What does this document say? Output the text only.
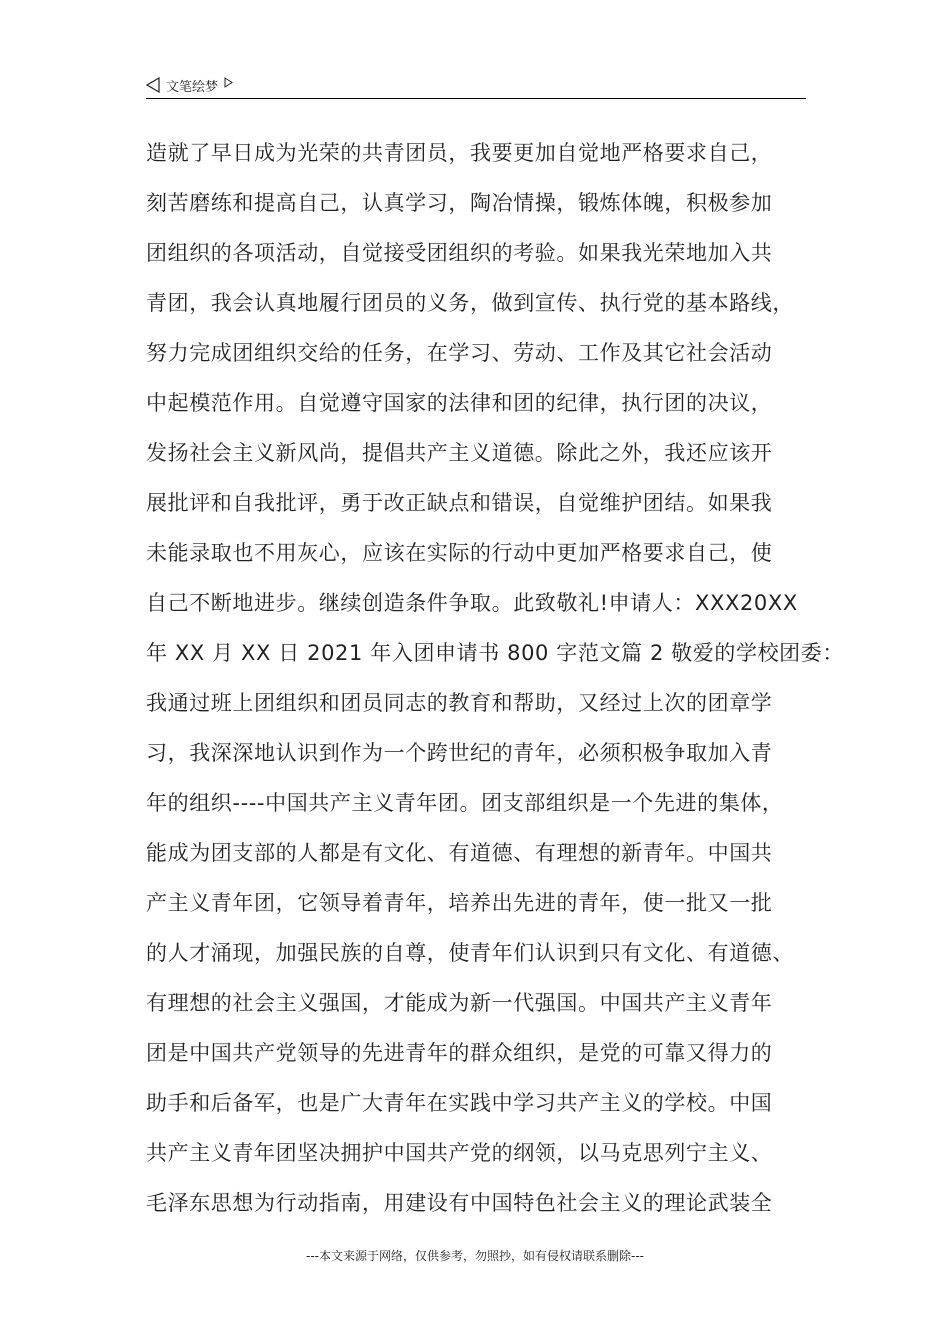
文笔绘梦
造就了早日成为光荣的共青团员，我要更加自觉地严格要求自己，
刻苦磨练和提高自己，认真学习，陶冶情操，锻炼体魄，积极参加
团组织的各项活动，自觉接受团组织的考验。如果我光荣地加入共
青团，我会认真地履行团员的义务，做到宣传、执行党的基本路线，
努力完成团组织交给的任务，在学习、劳动、工作及其它社会活动
中起模范作用。自觉遵守国家的法律和团的纪律，执行团的决议，
发扬社会主义新风尚，提倡共产主义道德。除此之外，我还应该开
展批评和自我批评，勇于改正缺点和错误，自觉维护团结。如果我
未能录取也不用灰心，应该在实际的行动中更加严格要求自己，使
自己不断地进步。继续创造条件争取。此致敬礼!申请人：XXX20XX
年 XX 月 XX 日 2021 年入团申请书 800 字范文篇 2 敬爱的学校团委：
我通过班上团组织和团员同志的教育和帮助，又经过上次的团章学
习，我深深地认识到作为一个跨世纪的青年，必须积极争取加入青
年的组织----中国共产主义青年团。团支部组织是一个先进的集体，
能成为团支部的人都是有文化、有道德、有理想的新青年。中国共
产主义青年团，它领导着青年，培养出先进的青年，使一批又一批
的人才涌现，加强民族的自尊，使青年们认识到只有文化、有道德、
有理想的社会主义强国，才能成为新一代强国。中国共产主义青年
团是中国共产党领导的先进青年的群众组织，是党的可靠又得力的
助手和后备军，也是广大青年在实践中学习共产主义的学校。中国
共产主义青年团坚决拥护中国共产党的纲领，以马克思列宁主义、
毛泽东思想为行动指南，用建设有中国特色社会主义的理论武装全
---本文来源于网络，仅供参考，勿照抄，如有侵权请联系删除---
